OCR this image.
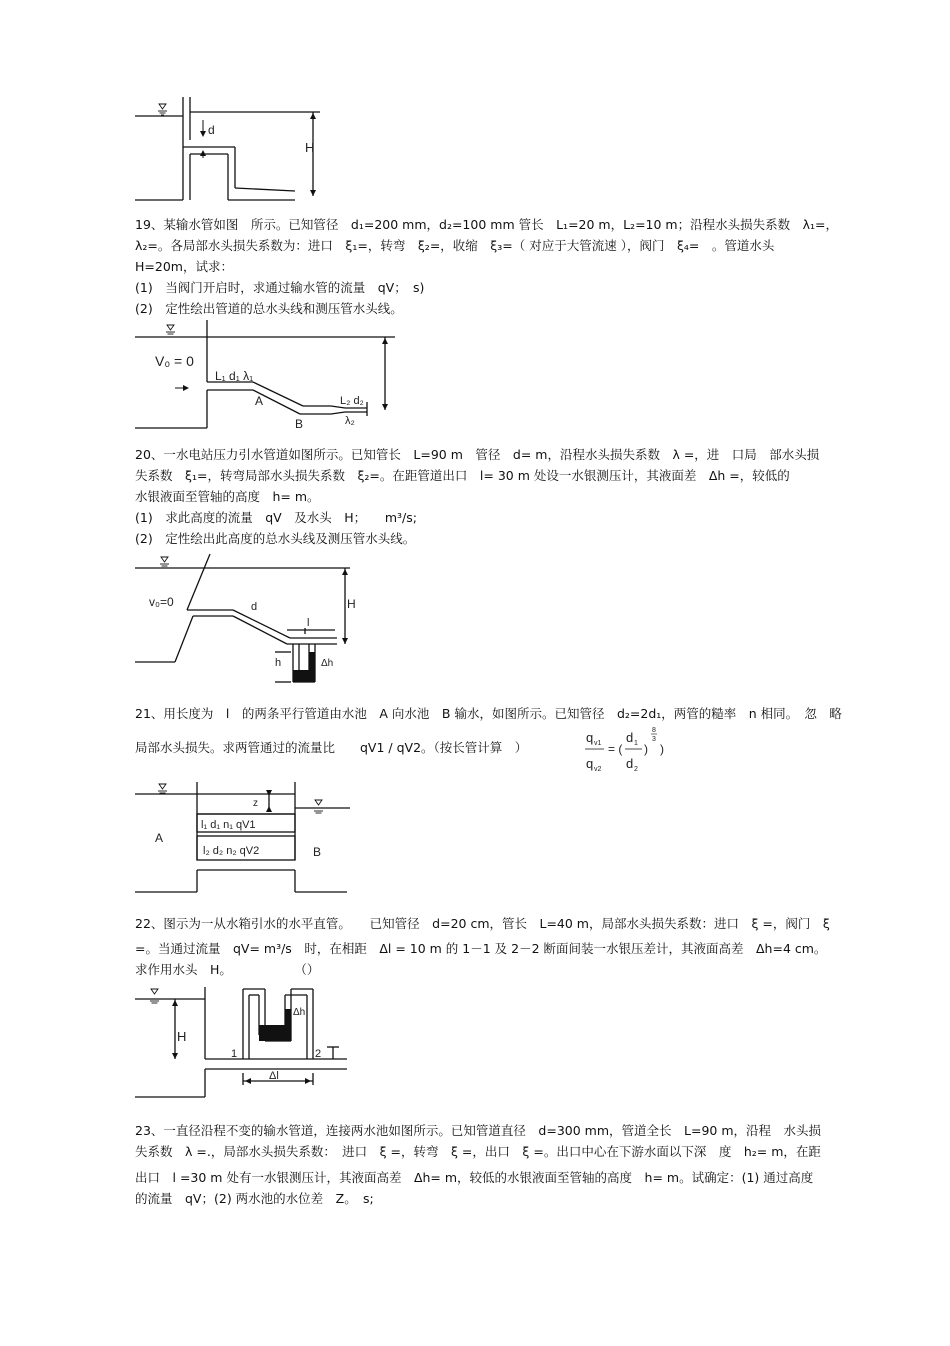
d
H
19、某输水管如图　所示。已知管径　d₁=200 mm，d₂=100 mm 管长　L₁=20 m，L₂=10 m；沿程水头损失系数　λ₁=，
λ₂=。各局部水头损失系数为：进口　ξ₁=，转弯　ξ₂=，收缩　ξ₃=（ 对应于大管流速 ），阀门　ξ₄=　。管道水头
H=20m，试求：
(1)　当阀门开启时，求通过输水管的流量　qV；　s)
(2)　定性绘出管道的总水头线和测压管水头线。
V₀ = 0
L₁ d₁ λ₁
A
B
L₂ d₂
λ₂
20、一水电站压力引水管道如图所示。已知管长　L=90 m　管径　d= m，沿程水头损失系数　λ =，进　口局　部水头损
失系数　ξ₁=，转弯局部水头损失系数　ξ₂=。在距管道出口　l= 30 m 处设一水银测压计，其液面差　Δh =，较低的
水银液面至管轴的高度　h= m。
(1)　求此高度的流量　qV　及水头　H；　　m³/s;
(2)　定性绘出此高度的总水头线及测压管水头线。
v₀=0	d
l
H
h	Δh
21、用长度为　l　的两条平行管道由水池　A 向水池　B 输水，如图所示。已知管径　d₂=2d₁，两管的糙率　n 相同。　忽　略
局部水头损失。求两管通过的流量比　　qV1 / qV2。（按长管计算　）
q v1
q v2
= (
d 1
d 2
)
8
3
)
z
A
B
l₁ d₁ n₁ qV1
l₂ d₂ n₂ qV2
22、图示为一从水箱引水的水平直管。　　已知管径　d=20 cm，管长　L=40 m，局部水头损失系数：进口　ξ =，阀门　ξ
=。当通过流量　qV= m³/s　时，在相距　Δl = 10 m 的 1－1 及 2－2 断面间装一水银压差计，其液面高差　Δh=4 cm。
求作用水头　H。　　　　　　（）
H
1	2
Δl
Δh
23、一直径沿程不变的输水管道，连接两水池如图所示。已知管道直径　d=300 mm，管道全长　L=90 m，沿程　水头损
失系数　λ =.，局部水头损失系数：　进口　ξ =，转弯　ξ =，出口　ξ =。出口中心在下游水面以下深　度　h₂= m，在距
出口　l =30 m 处有一水银测压计，其液面高差　Δh= m，较低的水银液面至管轴的高度　h= m。试确定：(1) 通过高度
的流量　qV；(2) 两水池的水位差　Z。　s;
